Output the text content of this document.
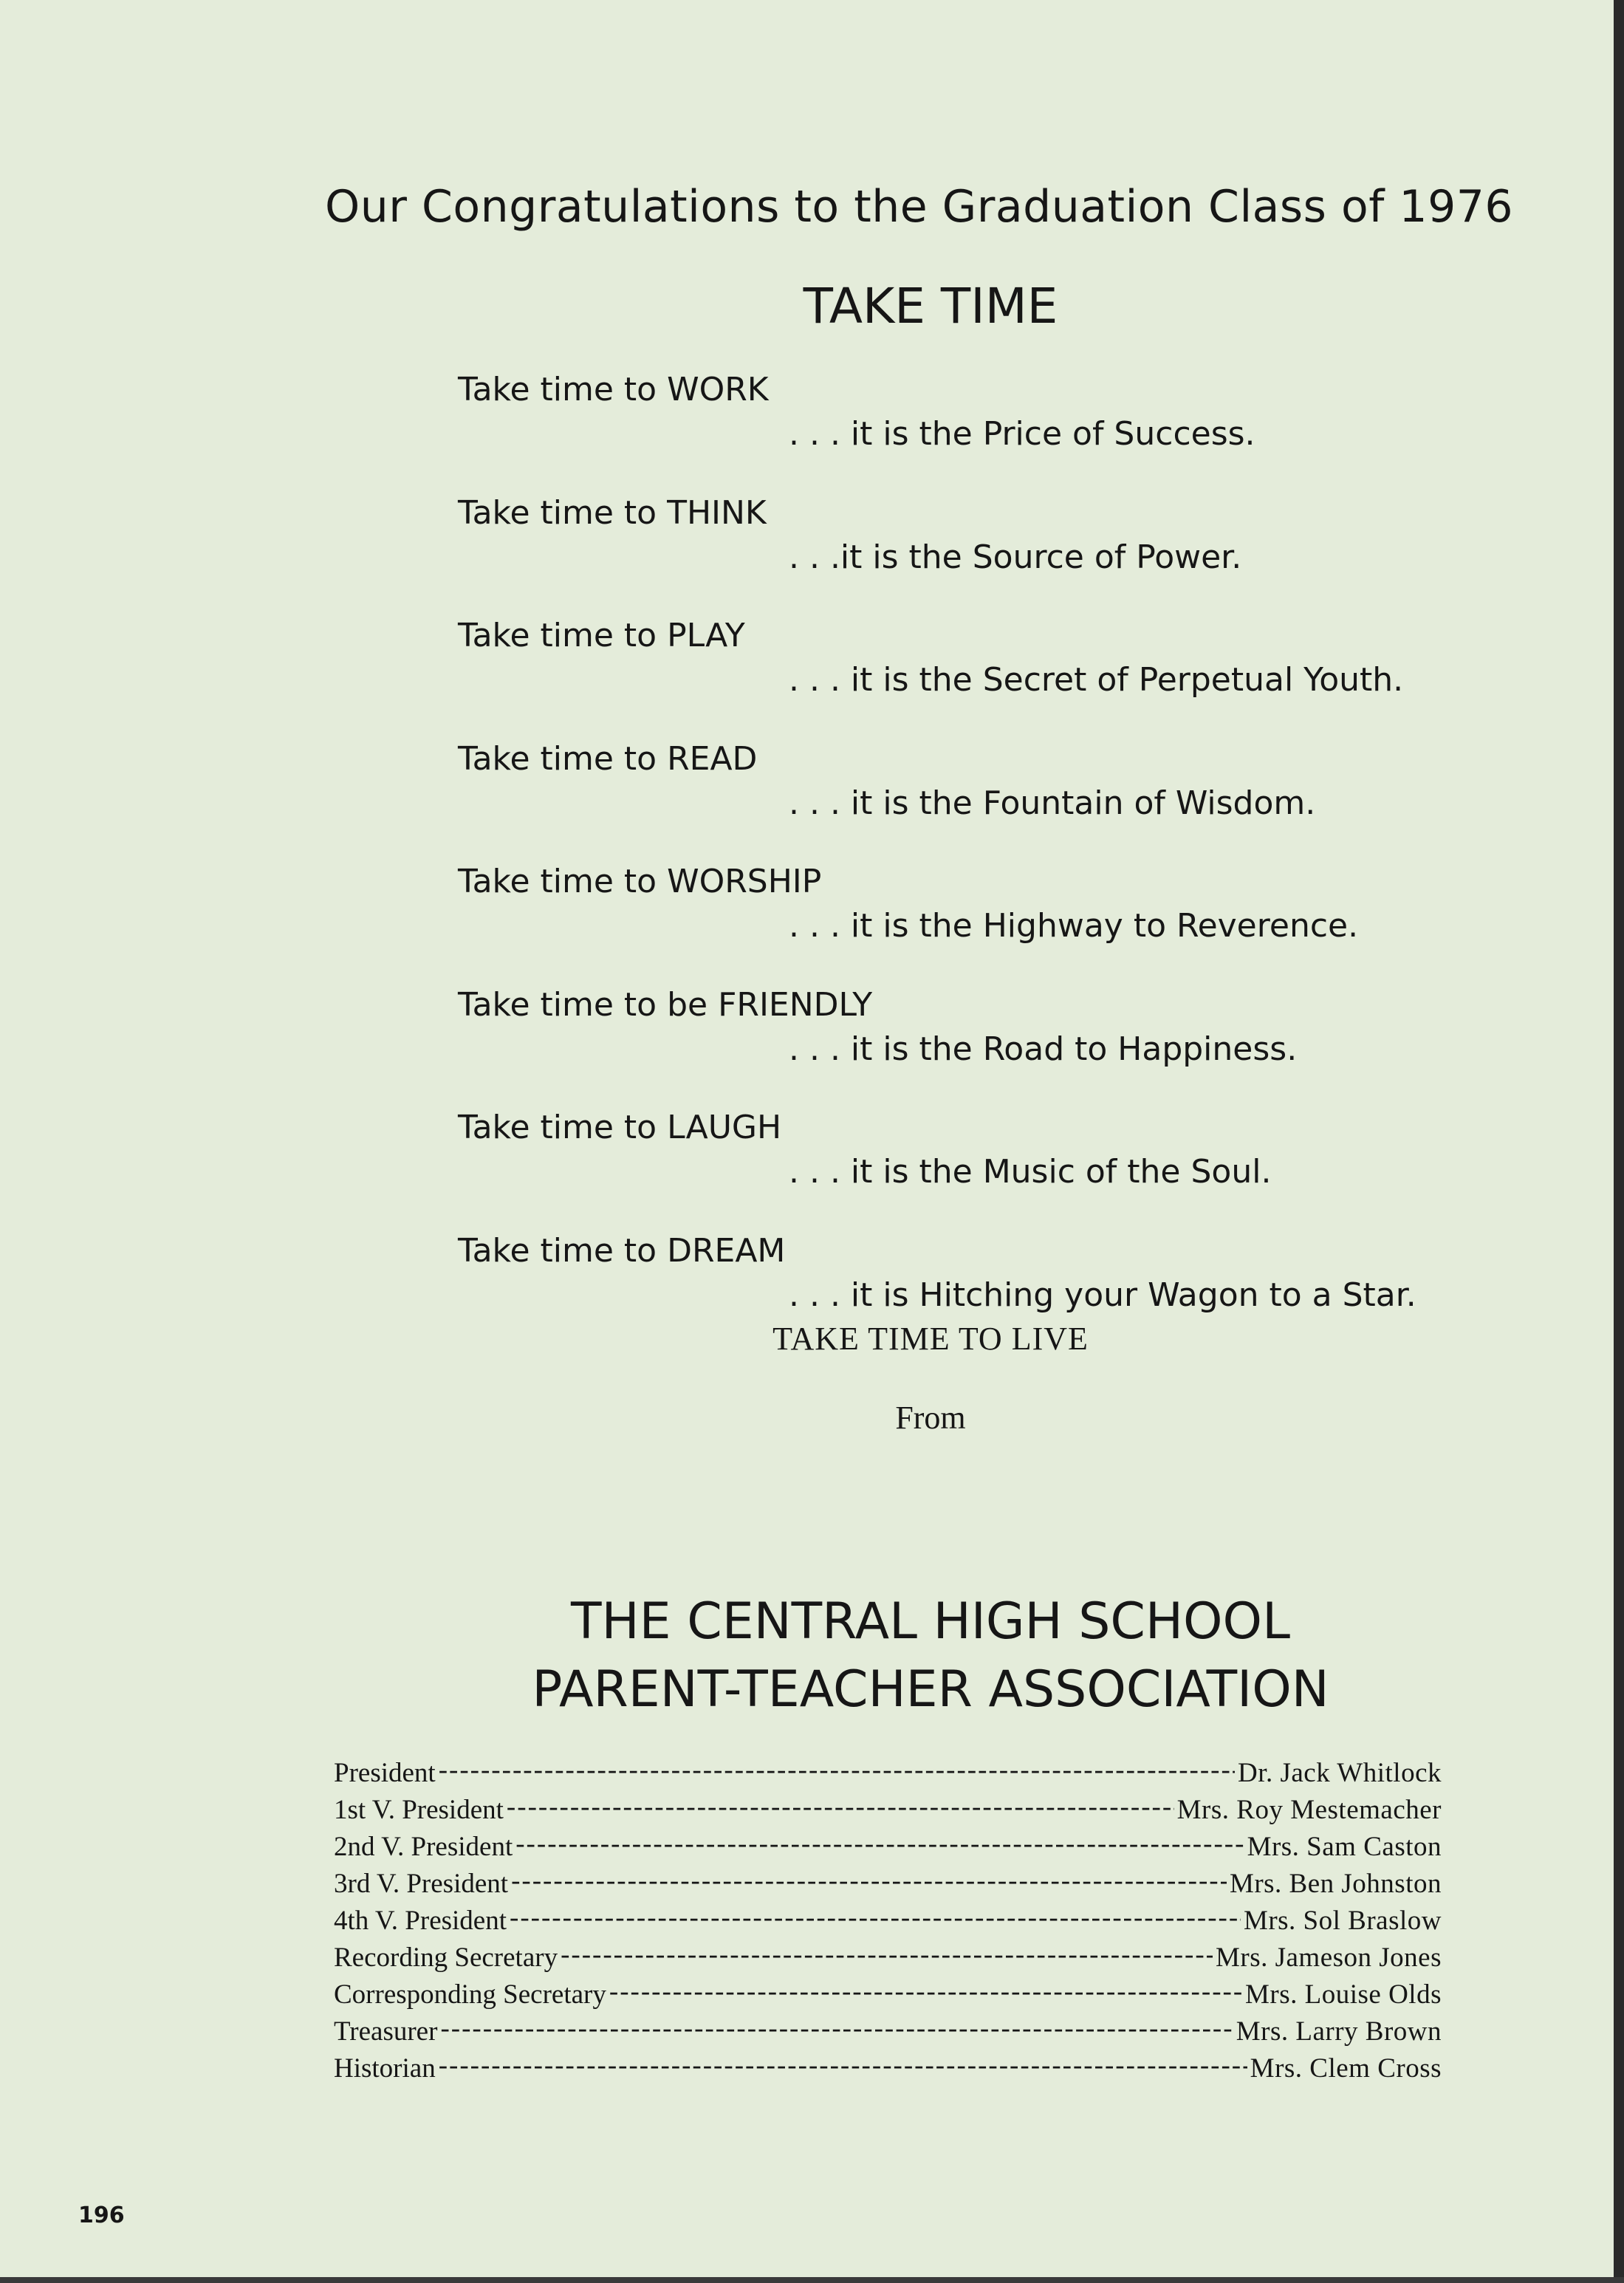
Our Congratulations to the Graduation Class of 1976
TAKE TIME
Take time to WORK
. . . it is the Price of Success.
Take time to THINK
. . .it is the Source of Power.
Take time to PLAY
. . . it is the Secret of Perpetual Youth.
Take time to READ
. . . it is the Fountain of Wisdom.
Take time to WORSHIP
. . . it is the Highway to Reverence.
Take time to be FRIENDLY
. . . it is the Road to Happiness.
Take time to LAUGH
. . . it is the Music of the Soul.
Take time to DREAM
. . . it is Hitching your Wagon to a Star.
TAKE TIME TO LIVE
From
THE CENTRAL HIGH SCHOOL
PARENT-TEACHER ASSOCIATION
President -----	Dr. Jack Whitlock
1st V. President -----	Mrs. Roy Mestemacher
2nd V. President -----	Mrs. Sam Caston
3rd V. President -----	Mrs. Ben Johnston
4th V. President -----	Mrs. Sol Braslow
Recording Secretary -----	Mrs. Jameson Jones
Corresponding Secretary -----	Mrs. Louise Olds
Treasurer -----	Mrs. Larry Brown
Historian -----	Mrs. Clem Cross
196
